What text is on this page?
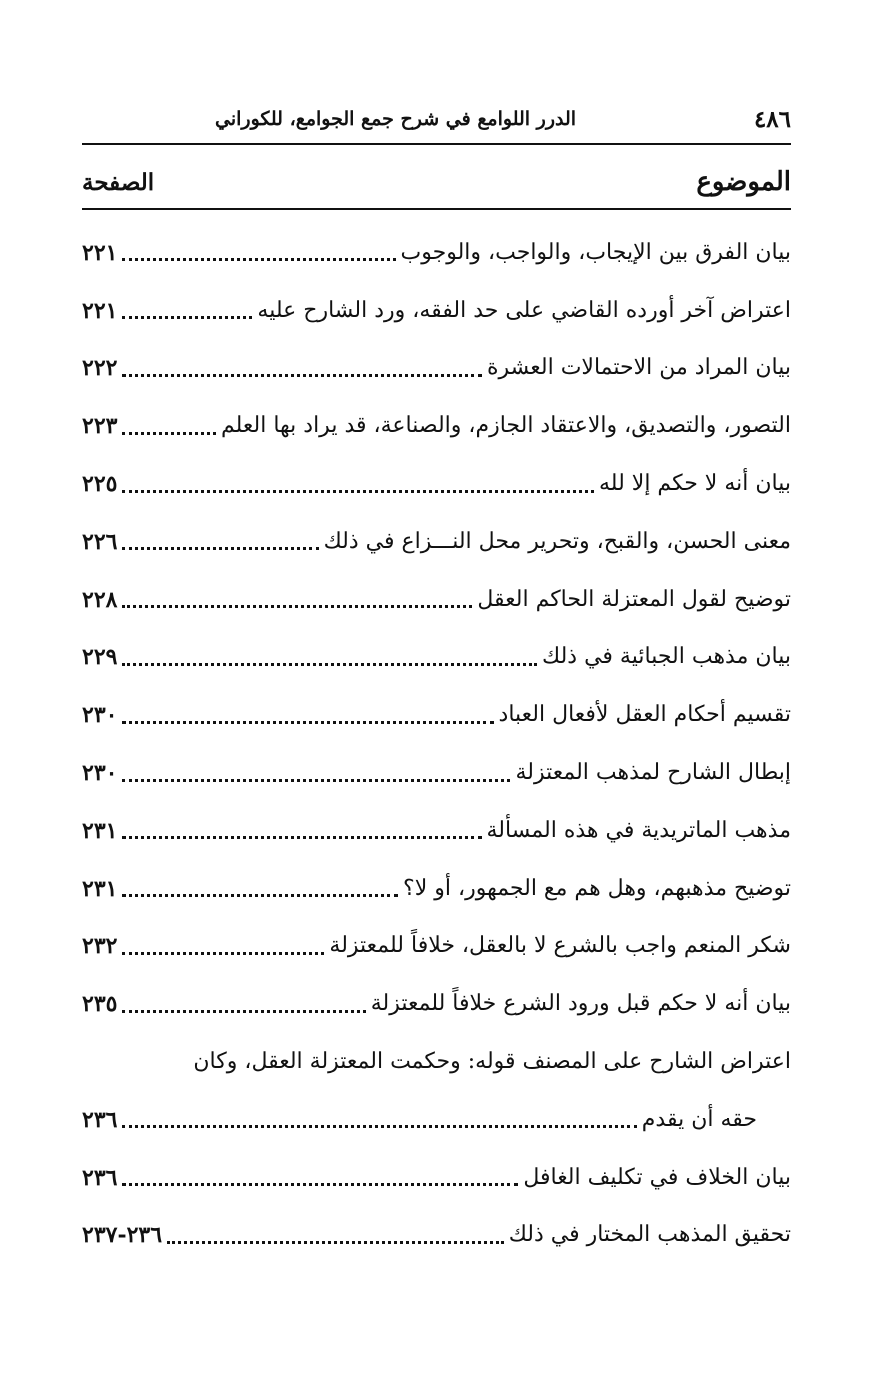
٤٨٦
الدرر اللوامع في شرح جمع الجوامع، للكوراني
الموضوع
الصفحة
بيان الفرق بين الإيجاب، والواجب، والوجوب
٢٢١
اعتراض آخر أورده القاضي على حد الفقه، ورد الشارح عليه
٢٢١
بيان المراد من الاحتمالات العشرة
٢٢٢
التصور، والتصديق، والاعتقاد الجازم، والصناعة، قد يراد بها العلم
٢٢٣
بيان أنه لا حكم إلا لله
٢٢٥
معنى الحسن، والقبح، وتحرير محل النـــزاع في ذلك
٢٢٦
توضيح لقول المعتزلة الحاكم العقل
٢٢٨
بيان مذهب الجبائية في ذلك
٢٢٩
تقسيم أحكام العقل لأفعال العباد
٢٣٠
إبطال الشارح لمذهب المعتزلة
٢٣٠
مذهب الماتريدية في هذه المسألة
٢٣١
توضيح مذهبهم، وهل هم مع الجمهور، أو لا؟
٢٣١
شكر المنعم واجب بالشرع لا بالعقل، خلافاً للمعتزلة
٢٣٢
بيان أنه لا حكم قبل ورود الشرع خلافاً للمعتزلة
٢٣٥
اعتراض الشارح على المصنف قوله: وحكمت المعتزلة العقل، وكان
حقه أن يقدم
٢٣٦
بيان الخلاف في تكليف الغافل
٢٣٦
تحقيق المذهب المختار في ذلك
٢٣٦-٢٣٧
